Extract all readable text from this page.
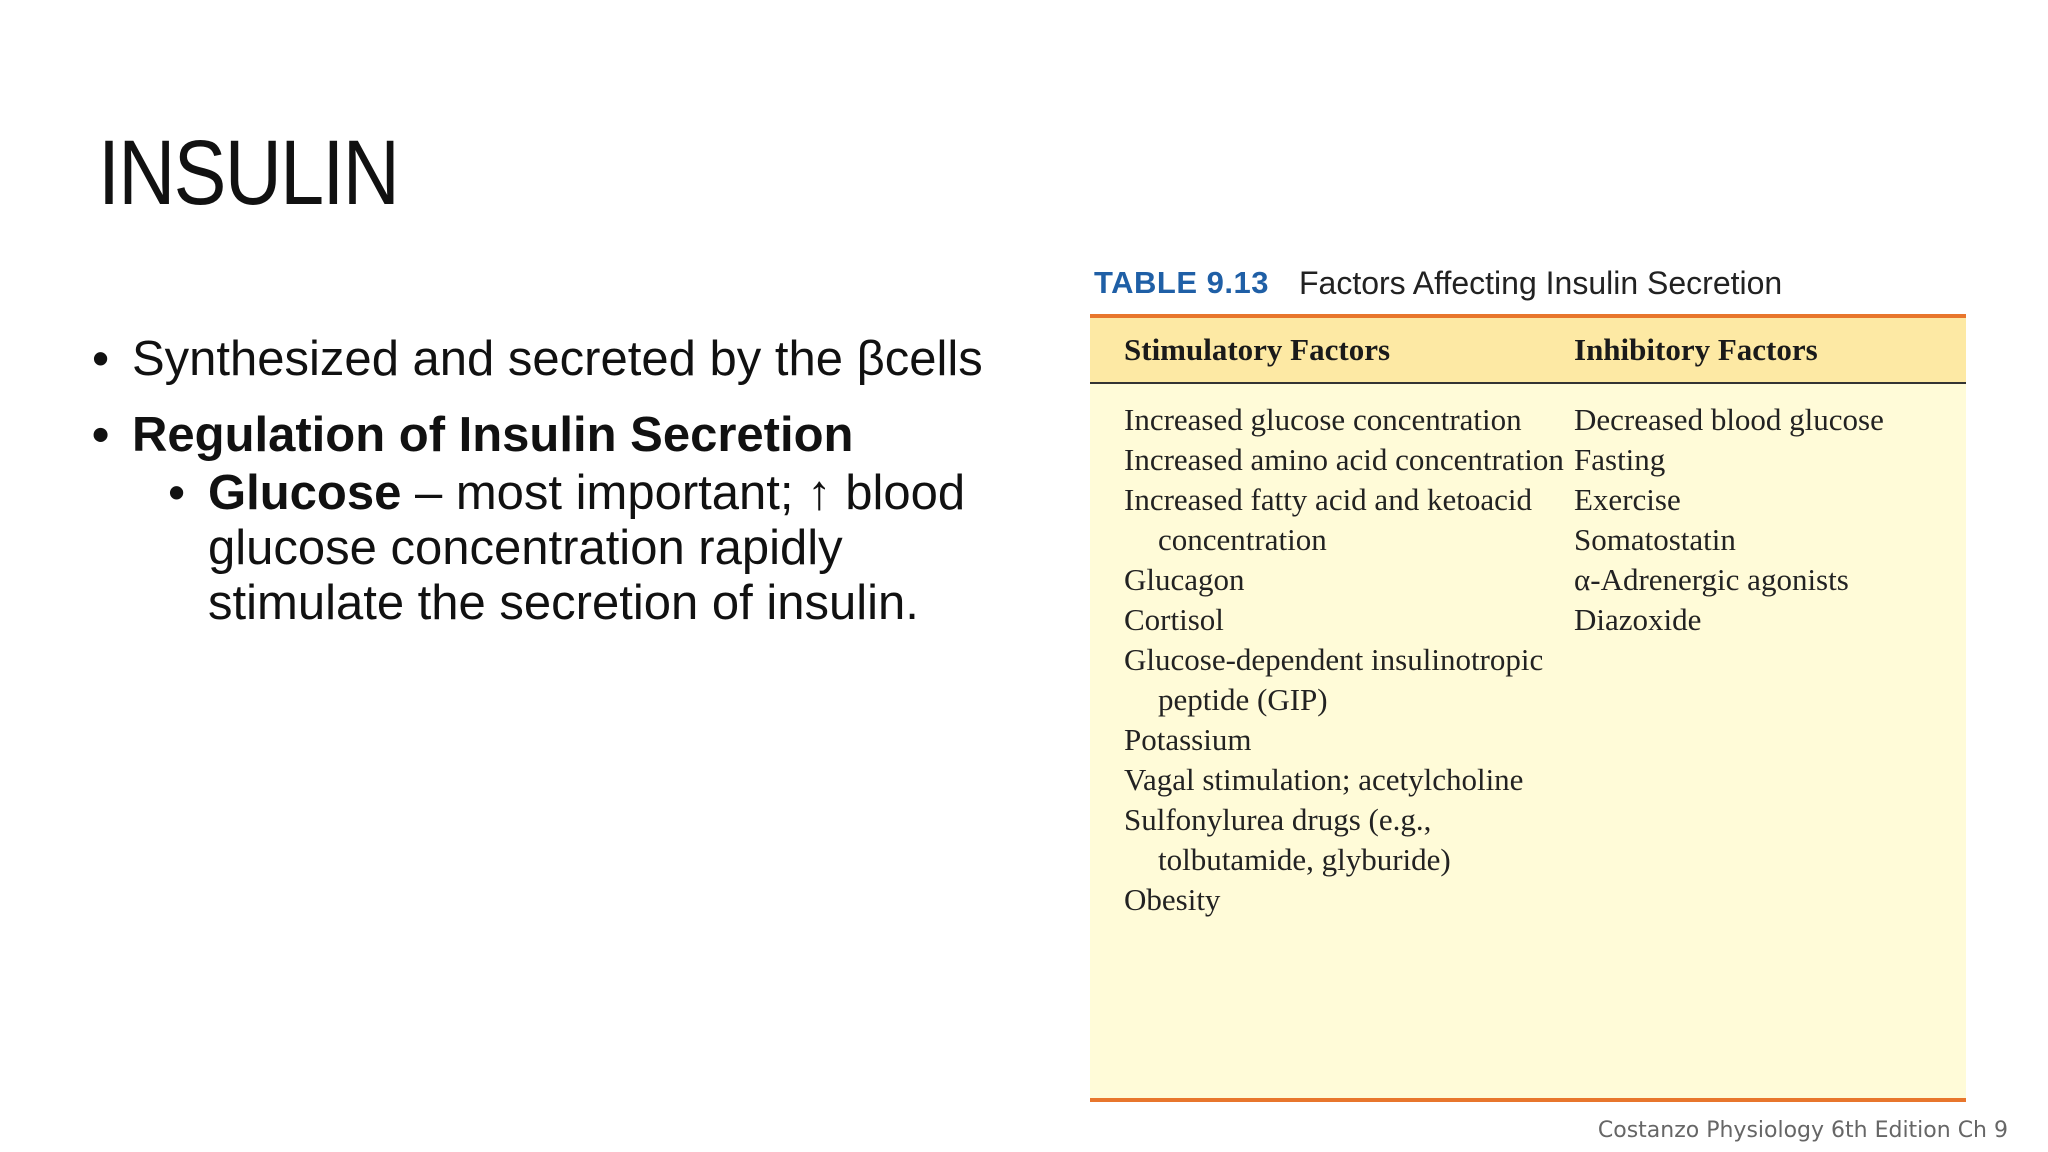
INSULIN
• Synthesized and secreted by the βcells
• Regulation of Insulin Secretion
• Glucose – most important; ↑ blood glucose concentration rapidly stimulate the secretion of insulin.
TABLE 9.13 Factors Affecting Insulin Secretion
Stimulatory Factors	Inhibitory Factors
Increased glucose concentration
Increased amino acid concentration
Increased fatty acid and ketoacid concentration
Glucagon
Cortisol
Glucose-dependent insulinotropic peptide (GIP)
Potassium
Vagal stimulation; acetylcholine
Sulfonylurea drugs (e.g., tolbutamide, glyburide)
Obesity
Decreased blood glucose
Fasting
Exercise
Somatostatin
α-Adrenergic agonists
Diazoxide
Costanzo Physiology 6th Edition Ch 9
